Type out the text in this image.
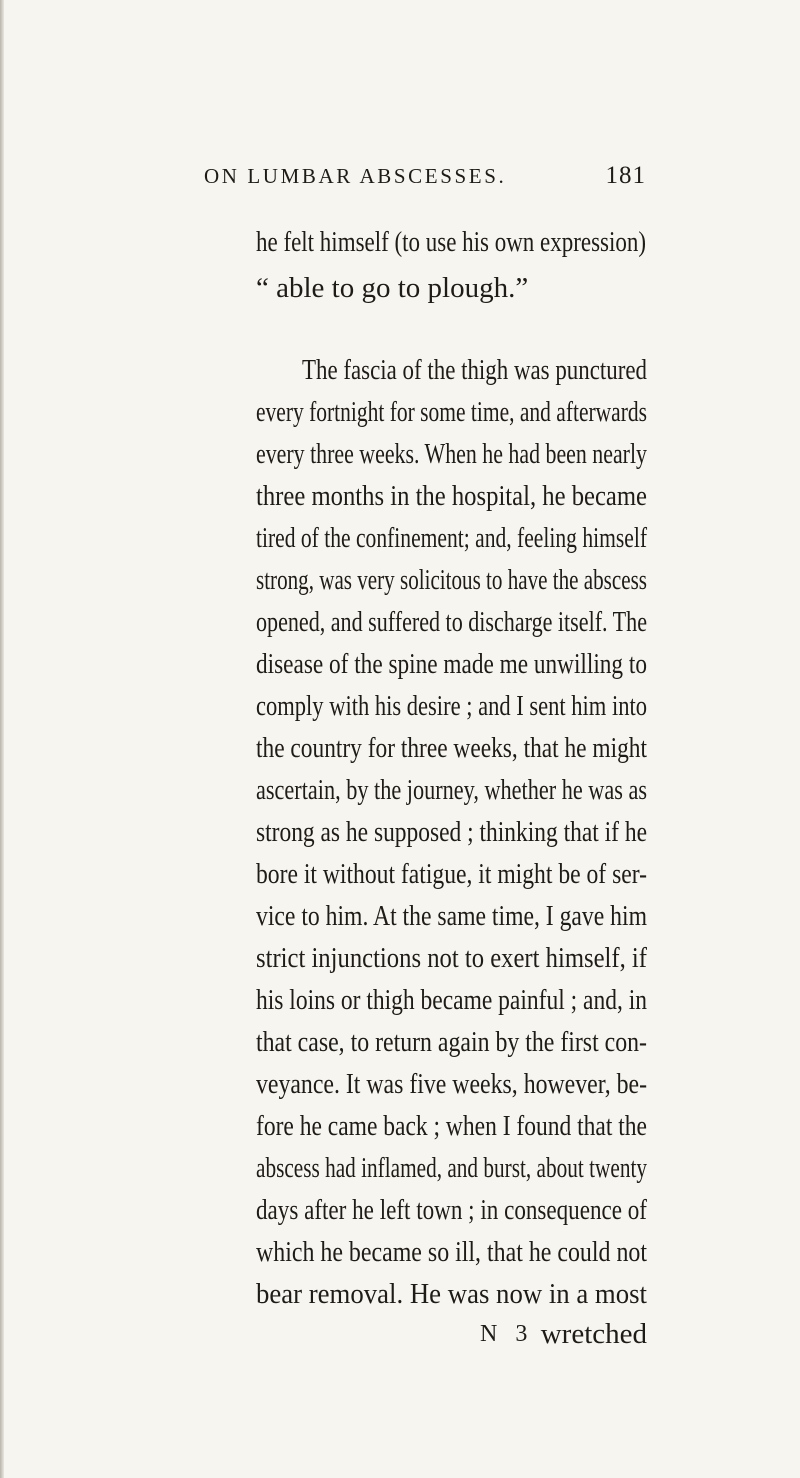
ON LUMBAR ABSCESSES.	181
he felt himself (to use his own expression)
“ able to go to plough.”
The fascia of the thigh was punctured
every fortnight for some time, and afterwards
every three weeks. When he had been nearly
three months in the hospital, he became
tired of the confinement; and, feeling himself
strong, was very solicitous to have the abscess
opened, and suffered to discharge itself. The
disease of the spine made me unwilling to
comply with his desire ; and I sent him into
the country for three weeks, that he might
ascertain, by the journey, whether he was as
strong as he supposed ; thinking that if he
bore it without fatigue, it might be of ser-
vice to him. At the same time, I gave him
strict injunctions not to exert himself, if
his loins or thigh became painful ; and, in
that case, to return again by the first con-
veyance. It was five weeks, however, be-
fore he came back ; when I found that the
abscess had inflamed, and burst, about twenty
days after he left town ; in consequence of
which he became so ill, that he could not
bear removal. He was now in a most
N 3 wretched
